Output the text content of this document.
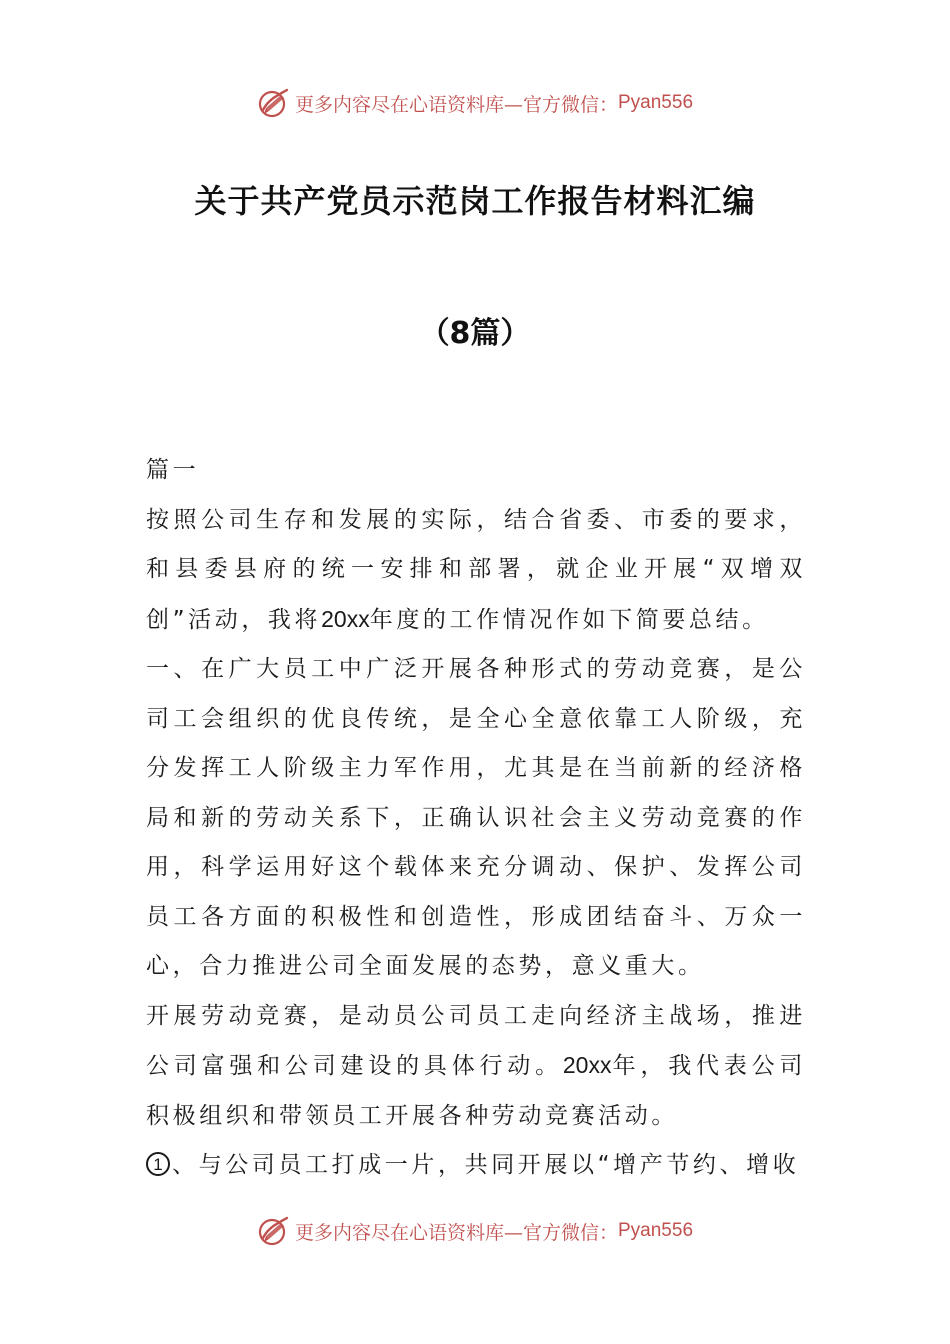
更多内容尽在心语资料库—官方微信： Pyan556
关于共产党员示范岗工作报告材料汇编
（8篇）

篇一

按照公司生存和发展的实际，结合省委、市委的要求，和县委县府的统一安排和部署，就企业开展“双增双创”活动，我将20xx年度的工作情况作如下简要总结。

一、在广大员工中广泛开展各种形式的劳动竞赛，是公司工会组织的优良传统，是全心全意依靠工人阶级，充分发挥工人阶级主力军作用，尤其是在当前新的经济格局和新的劳动关系下，正确认识社会主义劳动竞赛的作用，科学运用好这个载体来充分调动、保护、发挥公司员工各方面的积极性和创造性，形成团结奋斗、万众一心，合力推进公司全面发展的态势，意义重大。

开展劳动竞赛，是动员公司员工走向经济主战场，推进公司富强和公司建设的具体行动。20xx年，我代表公司积极组织和带领员工开展各种劳动竞赛活动。

1 、与公司员工打成一片，共同开展以“增产节约、增收

更多内容尽在心语资料库—官方微信： Pyan556
